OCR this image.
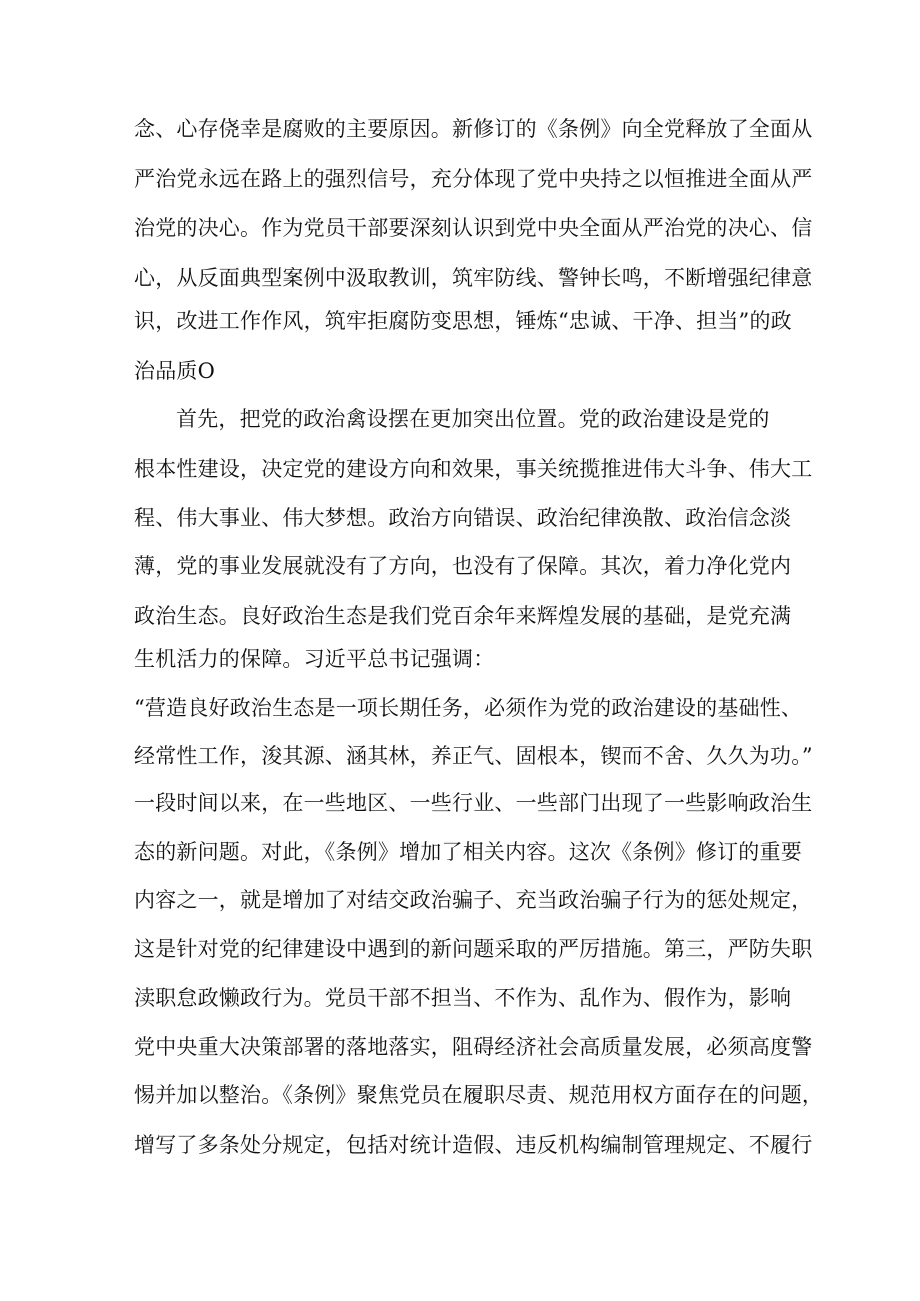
念、心存侥幸是腐败的主要原因。新修订的《条例》向全党释放了全面从
严治党永远在路上的强烈信号，充分体现了党中央持之以恒推进全面从严
治党的决心。作为党员干部要深刻认识到党中央全面从严治党的决心、信
心，从反面典型案例中汲取教训，筑牢防线、警钟长鸣，不断增强纪律意
识，改进工作作风，筑牢拒腐防变思想，锤炼“忠诚、干净、担当”的政
治品质O
首先，把党的政治禽设摆在更加突出位置。党的政治建设是党的
根本性建设，决定党的建设方向和效果，事关统揽推进伟大斗争、伟大工
程、伟大事业、伟大梦想。政治方向错误、政治纪律涣散、政治信念淡
薄，党的事业发展就没有了方向，也没有了保障。其次，着力净化党内
政治生态。良好政治生态是我们党百余年来辉煌发展的基础，是党充满
生机活力的保障。习近平总书记强调：
“营造良好政治生态是一项长期任务，必须作为党的政治建设的基础性、
经常性工作，浚其源、涵其林，养正气、固根本，锲而不舍、久久为功。”
一段时间以来，在一些地区、一些行业、一些部门出现了一些影响政治生
态的新问题。对此，《条例》增加了相关内容。这次《条例》修订的重要
内容之一，就是增加了对结交政治骗子、充当政治骗子行为的惩处规定，
这是针对党的纪律建设中遇到的新问题采取的严厉措施。第三，严防失职
渎职怠政懒政行为。党员干部不担当、不作为、乱作为、假作为，影响
党中央重大决策部署的落地落实，阻碍经济社会高质量发展，必须高度警
惕并加以整治。《条例》聚焦党员在履职尽责、规范用权方面存在的问题，
增写了多条处分规定，包括对统计造假、违反机构编制管理规定、不履行
